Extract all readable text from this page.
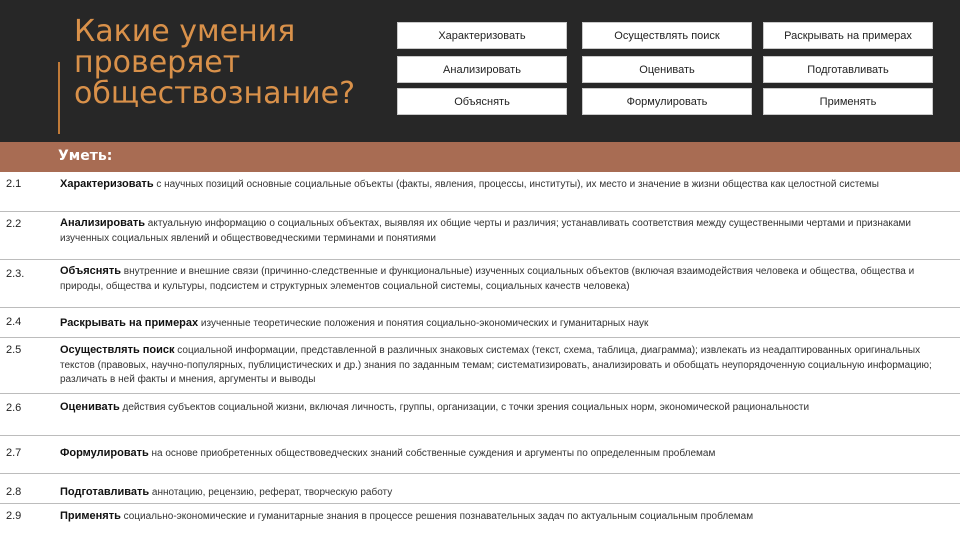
Какие умения
проверяет
обществознание?
Характеризовать	Осуществлять поиск	Раскрывать на примерах
Анализировать	Оценивать	Подготавливать
Объяснять	Формулировать	Применять
Уметь:
2.1	Характеризовать с научных позиций основные социальные объекты (факты, явления, процессы, институты), их место и значение в жизни общества как целостной системы
2.2	Анализировать актуальную информацию о социальных объектах, выявляя их общие черты и различия; устанавливать соответствия между существенными чертами и признаками изученных социальных явлений и обществоведческими терминами и понятиями
2.3.	Объяснять внутренние и внешние связи (причинно-следственные и функциональные) изученных социальных объектов (включая взаимодействия человека и общества, общества и природы, общества и культуры, подсистем и структурных элементов социальной системы, социальных качеств человека)
2.4	Раскрывать на примерах изученные теоретические положения и понятия социально-экономических и гуманитарных наук
2.5	Осуществлять поиск социальной информации, представленной в различных знаковых системах (текст, схема, таблица, диаграмма); извлекать из неадаптированных оригинальных текстов (правовых, научно-популярных, публицистических и др.) знания по заданным темам; систематизировать, анализировать и обобщать неупорядоченную социальную информацию; различать в ней факты и мнения, аргументы и выводы
2.6	Оценивать действия субъектов социальной жизни, включая личность, группы, организации, с точки зрения социальных норм, экономической рациональности
2.7	Формулировать на основе приобретенных обществоведческих знаний собственные суждения и аргументы по определенным проблемам
2.8	Подготавливать аннотацию, рецензию, реферат, творческую работу
2.9	Применять социально-экономические и гуманитарные знания в процессе решения познавательных задач по актуальным социальным проблемам
